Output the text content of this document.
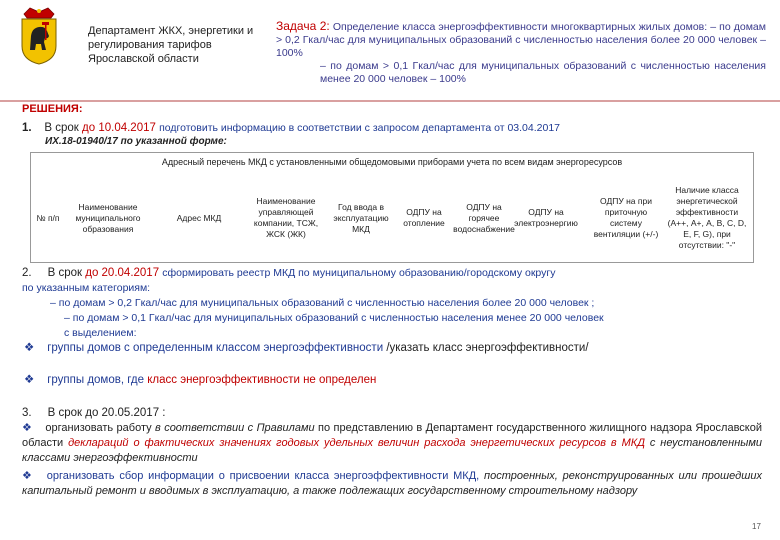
Департамент ЖКХ, энергетики и регулирования тарифов Ярославской области
Задача 2: Определение класса энергоэффективности многоквартирных жилых домов: – по домам > 0,2 Гкал/час для муниципальных образований с численностью населения более 20 000 человек – 100%
– по домам > 0,1 Гкал/час для муниципальных образований с численностью населения менее 20 000 человек – 100%
РЕШЕНИЯ:
1. В срок до 10.04.2017 подготовить информацию в соответствии с запросом департамента от 03.04.2017
ИХ.18-01940/17 по указанной форме:
Адресный перечень МКД с установленными общедомовыми приборами учета по всем видам энергоресурсов
№ п/п
Наименование муниципального образования
Адрес МКД
Наименование управляющей компании, ТСЖ, ЖСК (ЖК)
Год ввода в эксплуатацию МКД
ОДПУ на отопление
ОДПУ на горячее водоснабжение
ОДПУ на электроэнергию
ОДПУ на при приточную систему вентиляции (+/-)
Наличие класса энергетической эффективности (А++, А+, А, В, С, D, E, F, G), при отсутствии: "-"
2. В срок до 20.04.2017 сформировать реестр МКД по муниципальному образованию/городскому округу
по указанным категориям:
– по домам > 0,2 Гкал/час для муниципальных образований с численностью населения более 20 000 человек ;
– по домам > 0,1 Гкал/час для муниципальных образований с численностью населения менее 20 000 человек
с выделением:
❖ группы домов с определенным классом энергоэффективности /указать класс энергоэффективности/
❖ группы домов, где класс энергоэффективности не определен
3. В срок до 20.05.2017 :
❖ организовать работу в соответствии с Правилами по представлению в Департамент государственного жилищного надзора Ярославской области деклараций о фактических значениях годовых удельных величин расхода энергетических ресурсов в МКД с неустановленными классами энергоэффективности
❖ организовать сбор информации о присвоении класса энергоэффективности МКД, построенных, реконструированных или прошедших капитальный ремонт и вводимых в эксплуатацию, а также подлежащих государственному строительному надзору
17
